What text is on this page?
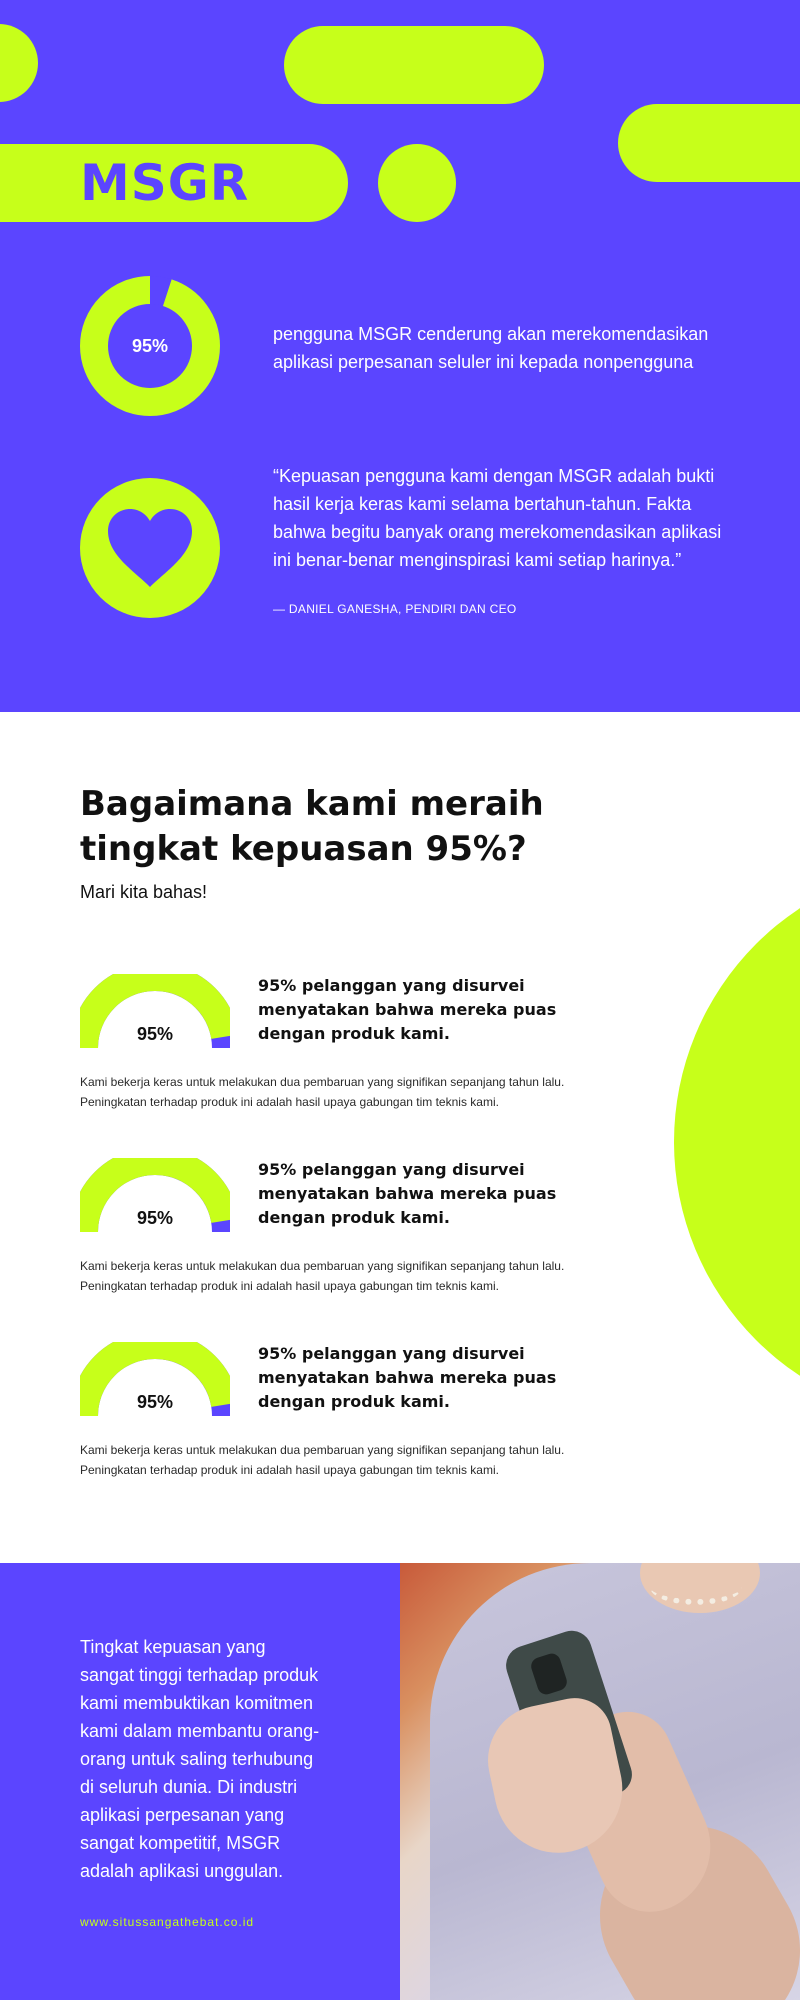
MSGR
95%

pengguna MSGR cenderung akan merekomendasikan aplikasi perpesanan seluler ini kepada nonpengguna

“Kepuasan pengguna kami dengan MSGR adalah bukti hasil kerja keras kami selama bertahun-tahun. Fakta bahwa begitu banyak orang merekomendasikan aplikasi ini benar-benar menginspirasi kami setiap harinya.”

— DANIEL GANESHA, PENDIRI DAN CEO

Bagaimana kami meraih tingkat kepuasan 95%?

Mari kita bahas!

95%
95% pelanggan yang disurvei menyatakan bahwa mereka puas dengan produk kami.

Kami bekerja keras untuk melakukan dua pembaruan yang signifikan sepanjang tahun lalu. Peningkatan terhadap produk ini adalah hasil upaya gabungan tim teknis kami.

95%
95% pelanggan yang disurvei menyatakan bahwa mereka puas dengan produk kami.

Kami bekerja keras untuk melakukan dua pembaruan yang signifikan sepanjang tahun lalu. Peningkatan terhadap produk ini adalah hasil upaya gabungan tim teknis kami.

95%
95% pelanggan yang disurvei menyatakan bahwa mereka puas dengan produk kami.

Kami bekerja keras untuk melakukan dua pembaruan yang signifikan sepanjang tahun lalu. Peningkatan terhadap produk ini adalah hasil upaya gabungan tim teknis kami.

Tingkat kepuasan yang sangat tinggi terhadap produk kami membuktikan komitmen kami dalam membantu orang-orang untuk saling terhubung di seluruh dunia. Di industri aplikasi perpesanan yang sangat kompetitif, MSGR adalah aplikasi unggulan.

www.situssangathebat.co.id
